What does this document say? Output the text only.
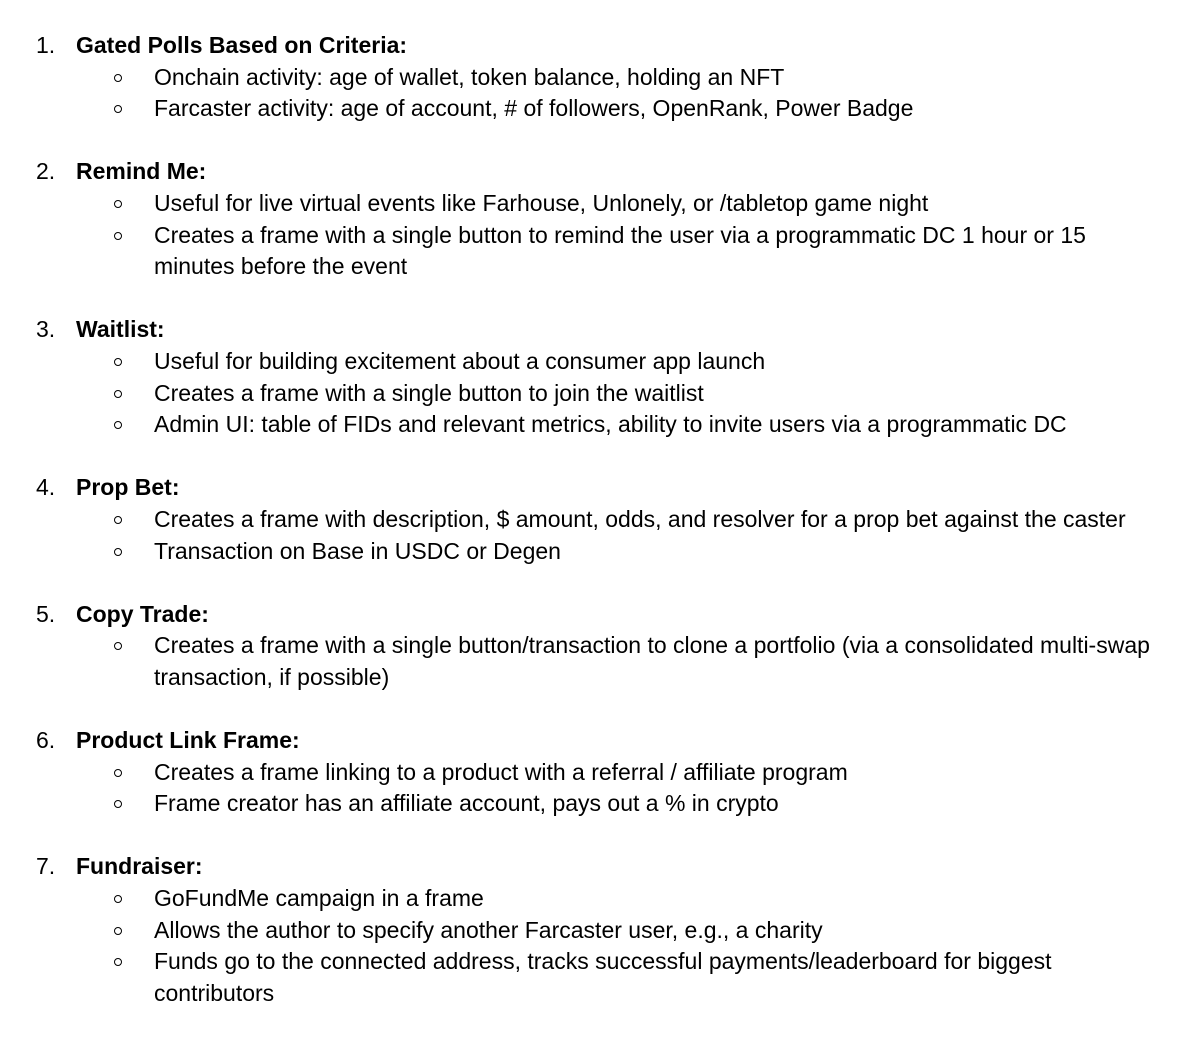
1. Gated Polls Based on Criteria:
Onchain activity: age of wallet, token balance, holding an NFT
Farcaster activity: age of account, # of followers, OpenRank, Power Badge
2. Remind Me:
Useful for live virtual events like Farhouse, Unlonely, or /tabletop game night
Creates a frame with a single button to remind the user via a programmatic DC 1 hour or 15 minutes before the event
3. Waitlist:
Useful for building excitement about a consumer app launch
Creates a frame with a single button to join the waitlist
Admin UI: table of FIDs and relevant metrics, ability to invite users via a programmatic DC
4. Prop Bet:
Creates a frame with description, $ amount, odds, and resolver for a prop bet against the caster
Transaction on Base in USDC or Degen
5. Copy Trade:
Creates a frame with a single button/transaction to clone a portfolio (via a consolidated multi-swap transaction, if possible)
6. Product Link Frame:
Creates a frame linking to a product with a referral / affiliate program
Frame creator has an affiliate account, pays out a % in crypto
7. Fundraiser:
GoFundMe campaign in a frame
Allows the author to specify another Farcaster user, e.g., a charity
Funds go to the connected address, tracks successful payments/leaderboard for biggest contributors
